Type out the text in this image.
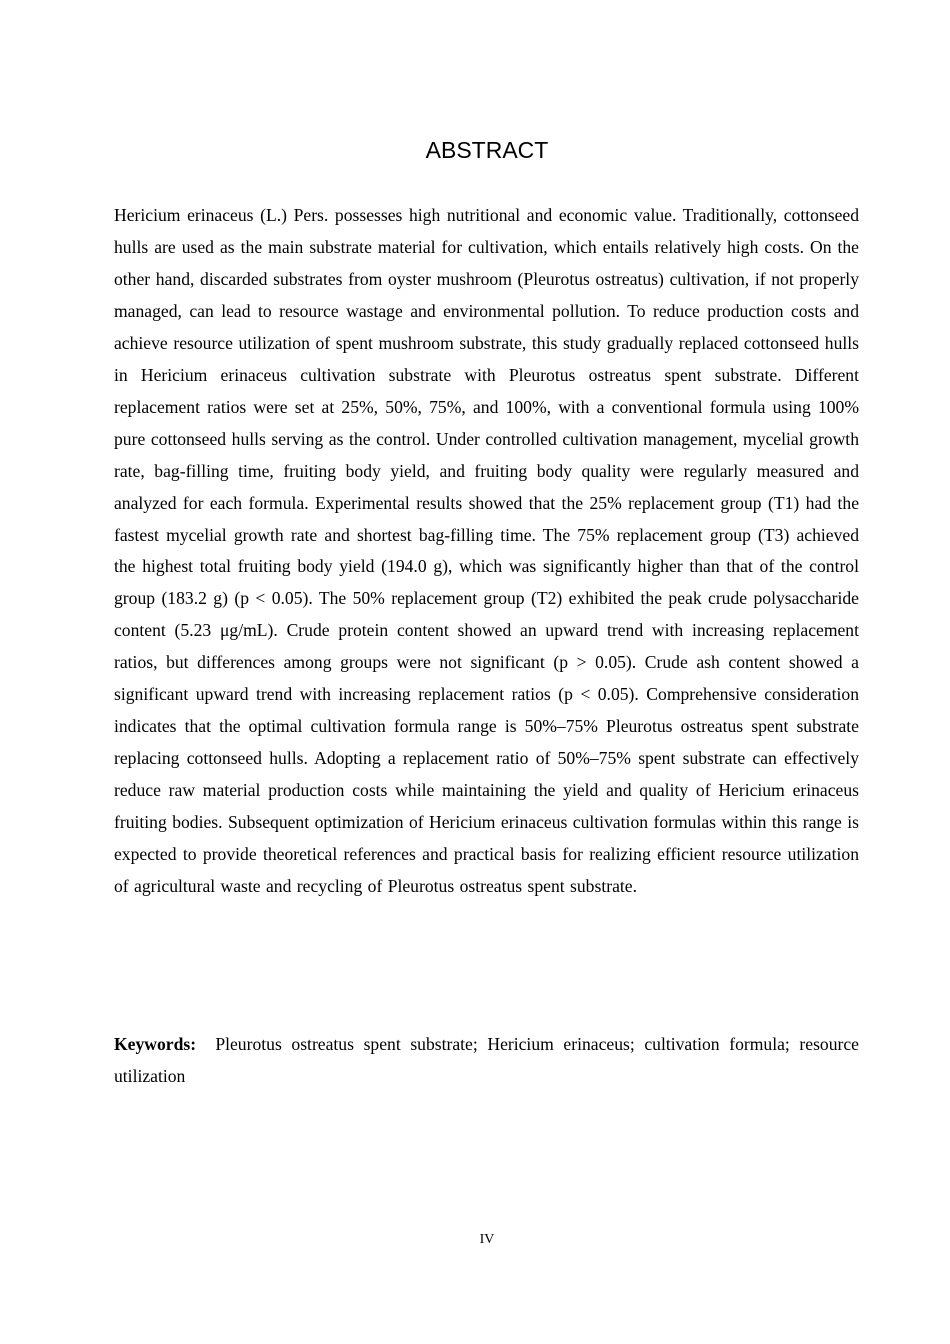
ABSTRACT

Hericium erinaceus (L.) Pers. possesses high nutritional and economic value. Traditionally, cottonseed hulls are used as the main substrate material for cultivation, which entails relatively high costs. On the other hand, discarded substrates from oyster mushroom (Pleurotus ostreatus) cultivation, if not properly managed, can lead to resource wastage and environmental pollution. To reduce production costs and achieve resource utilization of spent mushroom substrate, this study gradually replaced cottonseed hulls in Hericium erinaceus cultivation substrate with Pleurotus ostreatus spent substrate. Different replacement ratios were set at 25%, 50%, 75%, and 100%, with a conventional formula using 100% pure cottonseed hulls serving as the control. Under controlled cultivation management, mycelial growth rate, bag-filling time, fruiting body yield, and fruiting body quality were regularly measured and analyzed for each formula. Experimental results showed that the 25% replacement group (T1) had the fastest mycelial growth rate and shortest bag-filling time. The 75% replacement group (T3) achieved the highest total fruiting body yield (194.0 g), which was significantly higher than that of the control group (183.2 g) (p < 0.05). The 50% replacement group (T2) exhibited the peak crude polysaccharide content (5.23 μg/mL). Crude protein content showed an upward trend with increasing replacement ratios, but differences among groups were not significant (p > 0.05). Crude ash content showed a significant upward trend with increasing replacement ratios (p < 0.05). Comprehensive consideration indicates that the optimal cultivation formula range is 50%–75% Pleurotus ostreatus spent substrate replacing cottonseed hulls. Adopting a replacement ratio of 50%–75% spent substrate can effectively reduce raw material production costs while maintaining the yield and quality of Hericium erinaceus fruiting bodies. Subsequent optimization of Hericium erinaceus cultivation formulas within this range is expected to provide theoretical references and practical basis for realizing efficient resource utilization of agricultural waste and recycling of Pleurotus ostreatus spent substrate.

Keywords: Pleurotus ostreatus spent substrate; Hericium erinaceus; cultivation formula; resource utilization

IV
